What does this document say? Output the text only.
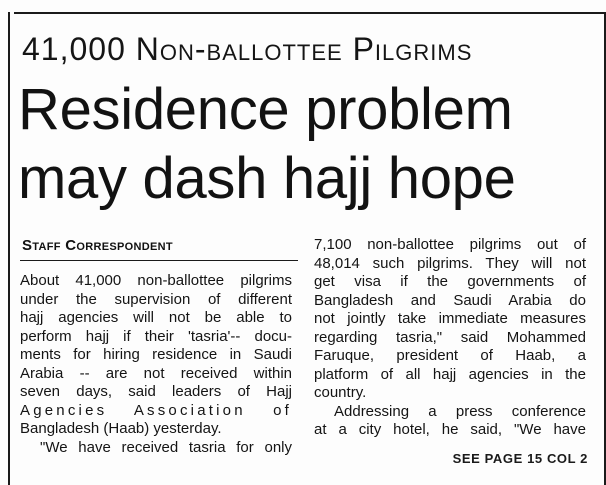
41,000 Non-ballottee Pilgrims
Residence problem
may dash hajj hope
Staff Correspondent
About 41,000 non-ballottee pilgrims
under the supervision of different
hajj agencies will not be able to
perform hajj if their 'tasria'-- docu-
ments for hiring residence in Saudi
Arabia -- are not received within
seven days, said leaders of Hajj
Agencies Association of
Bangladesh (Haab) yesterday.
"We have received tasria for only
7,100 non-ballottee pilgrims out of
48,014 such pilgrims. They will not
get visa if the governments of
Bangladesh and Saudi Arabia do
not jointly take immediate measures
regarding tasria," said Mohammed
Faruque, president of Haab, a
platform of all hajj agencies in the
country.
Addressing a press conference
at a city hotel, he said, "We have
SEE PAGE 15 COL 2
